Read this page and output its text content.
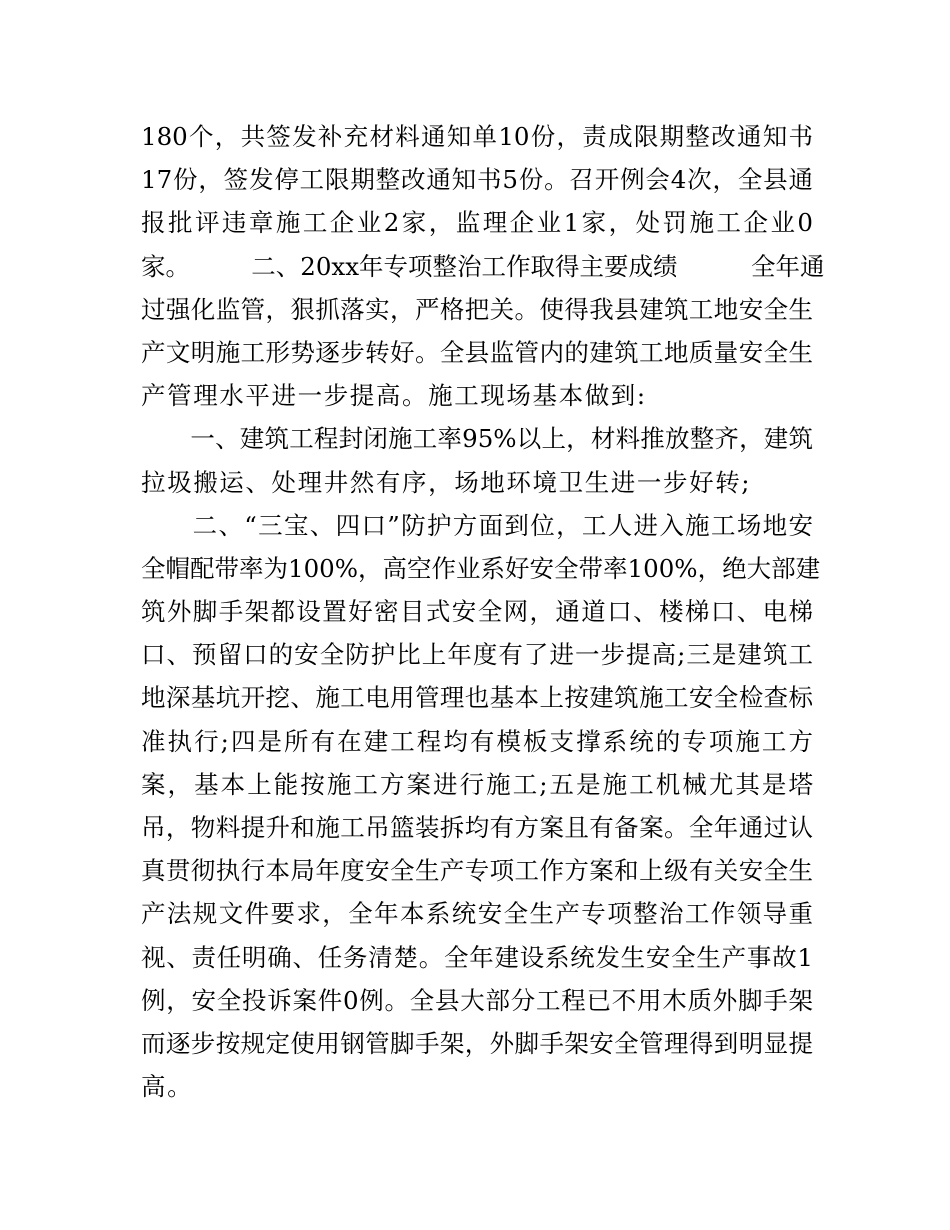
180个，共签发补充材料通知单10份，责成限期整改通知书
17份，签发停工限期整改通知书5份。召开例会4次，全县通
报批评违章施工企业2家，监理企业1家，处罚施工企业0
家。　　　二、20xx年专项整治工作取得主要成绩　　　全年通
过强化监管，狠抓落实，严格把关。使得我县建筑工地安全生
产文明施工形势逐步转好。全县监管内的建筑工地质量安全生
产管理水平进一步提高。施工现场基本做到:
　　一、建筑工程封闭施工率95%以上，材料推放整齐，建筑
拉圾搬运、处理井然有序，场地环境卫生进一步好转;
　　二、“三宝、四口”防护方面到位，工人进入施工场地安
全帽配带率为100%，高空作业系好安全带率100%，绝大部建
筑外脚手架都设置好密目式安全网，通道口、楼梯口、电梯
口、预留口的安全防护比上年度有了进一步提高;三是建筑工
地深基坑开挖、施工电用管理也基本上按建筑施工安全检查标
准执行;四是所有在建工程均有模板支撑系统的专项施工方
案，基本上能按施工方案进行施工;五是施工机械尤其是塔
吊，物料提升和施工吊篮装拆均有方案且有备案。全年通过认
真贯彻执行本局年度安全生产专项工作方案和上级有关安全生
产法规文件要求，全年本系统安全生产专项整治工作领导重
视、责任明确、任务清楚。全年建设系统发生安全生产事故1
例，安全投诉案件0例。全县大部分工程已不用木质外脚手架
而逐步按规定使用钢管脚手架，外脚手架安全管理得到明显提
高。
